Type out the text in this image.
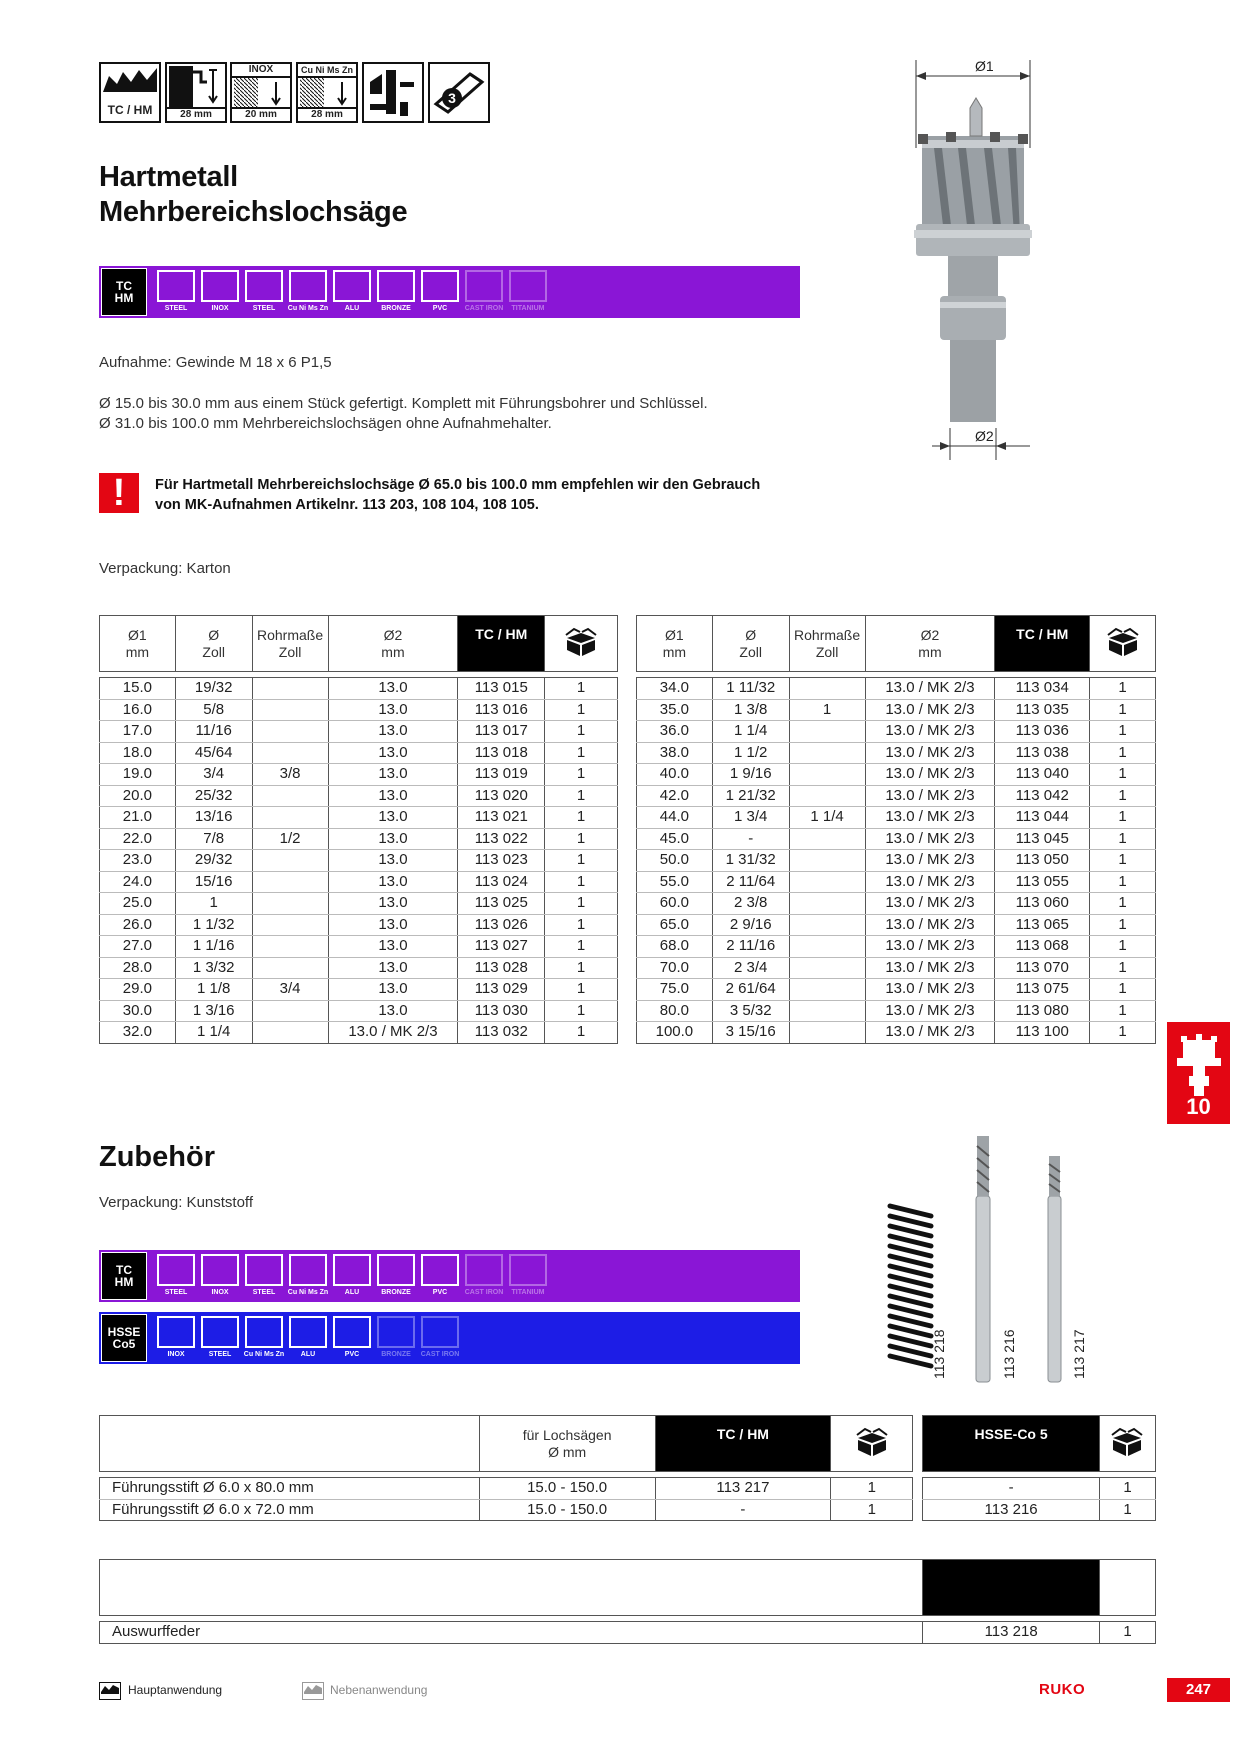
TC / HM	28 mm
INOX
20 mm
Cu Ni Ms Zn
28 mm
3
Hartmetall
Mehrbereichslochsäge
Ø1
Ø2
TC
HM
STEEL	INOX	STEEL	Cu Ni Ms Zn	ALU	BRONZE	PVC	CAST IRON	TITANIUM
Aufnahme: Gewinde M 18 x 6 P1,5
Ø 15.0 bis 30.0 mm aus einem Stück gefertigt. Komplett mit Führungsbohrer und Schlüssel.
Ø 31.0 bis 100.0 mm Mehrbereichslochsägen ohne Aufnahmehalter.
!	Für Hartmetall Mehrbereichslochsäge Ø 65.0 bis 100.0 mm empfehlen wir den Gebrauch
von MK-Aufnahmen Artikelnr. 113 203, 108 104, 108 105.
Verpackung: Karton
Ø1
mm	Ø
Zoll	Rohrmaße
Zoll	Ø2
mm	TC / HM	

15.0	19/32		13.0	113 015	1
16.0	5/8		13.0	113 016	1
17.0	11/16		13.0	113 017	1
18.0	45/64		13.0	113 018	1
19.0	3/4	3/8	13.0	113 019	1
20.0	25/32		13.0	113 020	1
21.0	13/16		13.0	113 021	1
22.0	7/8	1/2	13.0	113 022	1
23.0	29/32		13.0	113 023	1
24.0	15/16		13.0	113 024	1
25.0	1		13.0	113 025	1
26.0	1 1/32		13.0	113 026	1
27.0	1 1/16		13.0	113 027	1
28.0	1 3/32		13.0	113 028	1
29.0	1 1/8	3/4	13.0	113 029	1
30.0	1 3/16		13.0	113 030	1
32.0	1 1/4		13.0 / MK 2/3	113 032	1
Ø1
mm	Ø
Zoll	Rohrmaße
Zoll	Ø2
mm	TC / HM	

34.0	1 11/32		13.0 / MK 2/3	113 034	1
35.0	1 3/8	1	13.0 / MK 2/3	113 035	1
36.0	1 1/4		13.0 / MK 2/3	113 036	1
38.0	1 1/2		13.0 / MK 2/3	113 038	1
40.0	1 9/16		13.0 / MK 2/3	113 040	1
42.0	1 21/32		13.0 / MK 2/3	113 042	1
44.0	1 3/4	1 1/4	13.0 / MK 2/3	113 044	1
45.0	-		13.0 / MK 2/3	113 045	1
50.0	1 31/32		13.0 / MK 2/3	113 050	1
55.0	2 11/64		13.0 / MK 2/3	113 055	1
60.0	2 3/8		13.0 / MK 2/3	113 060	1
65.0	2 9/16		13.0 / MK 2/3	113 065	1
68.0	2 11/16		13.0 / MK 2/3	113 068	1
70.0	2 3/4		13.0 / MK 2/3	113 070	1
75.0	2 61/64		13.0 / MK 2/3	113 075	1
80.0	3 5/32		13.0 / MK 2/3	113 080	1
100.0	3 15/16		13.0 / MK 2/3	113 100	1
10
Zubehör
Verpackung: Kunststoff
TC
HM
STEEL	INOX	STEEL	Cu Ni Ms Zn	ALU	BRONZE	PVC	CAST IRON	TITANIUM
HSSE
Co5
INOX	STEEL	Cu Ni Ms Zn	ALU	PVC	BRONZE	CAST IRON	113 218	113 216	113 217
	für Lochsägen
Ø mm	TC / HM			HSSE-Co 5	

Führungsstift Ø 6.0 x 80.0 mm	15.0 - 150.0	113 217	1		-	1
Führungsstift Ø 6.0 x 72.0 mm	15.0 - 150.0	-	1		113 216	1

Auswurffeder	113 218	1
Hauptanwendung	Nebenanwendung	RUKO	247
